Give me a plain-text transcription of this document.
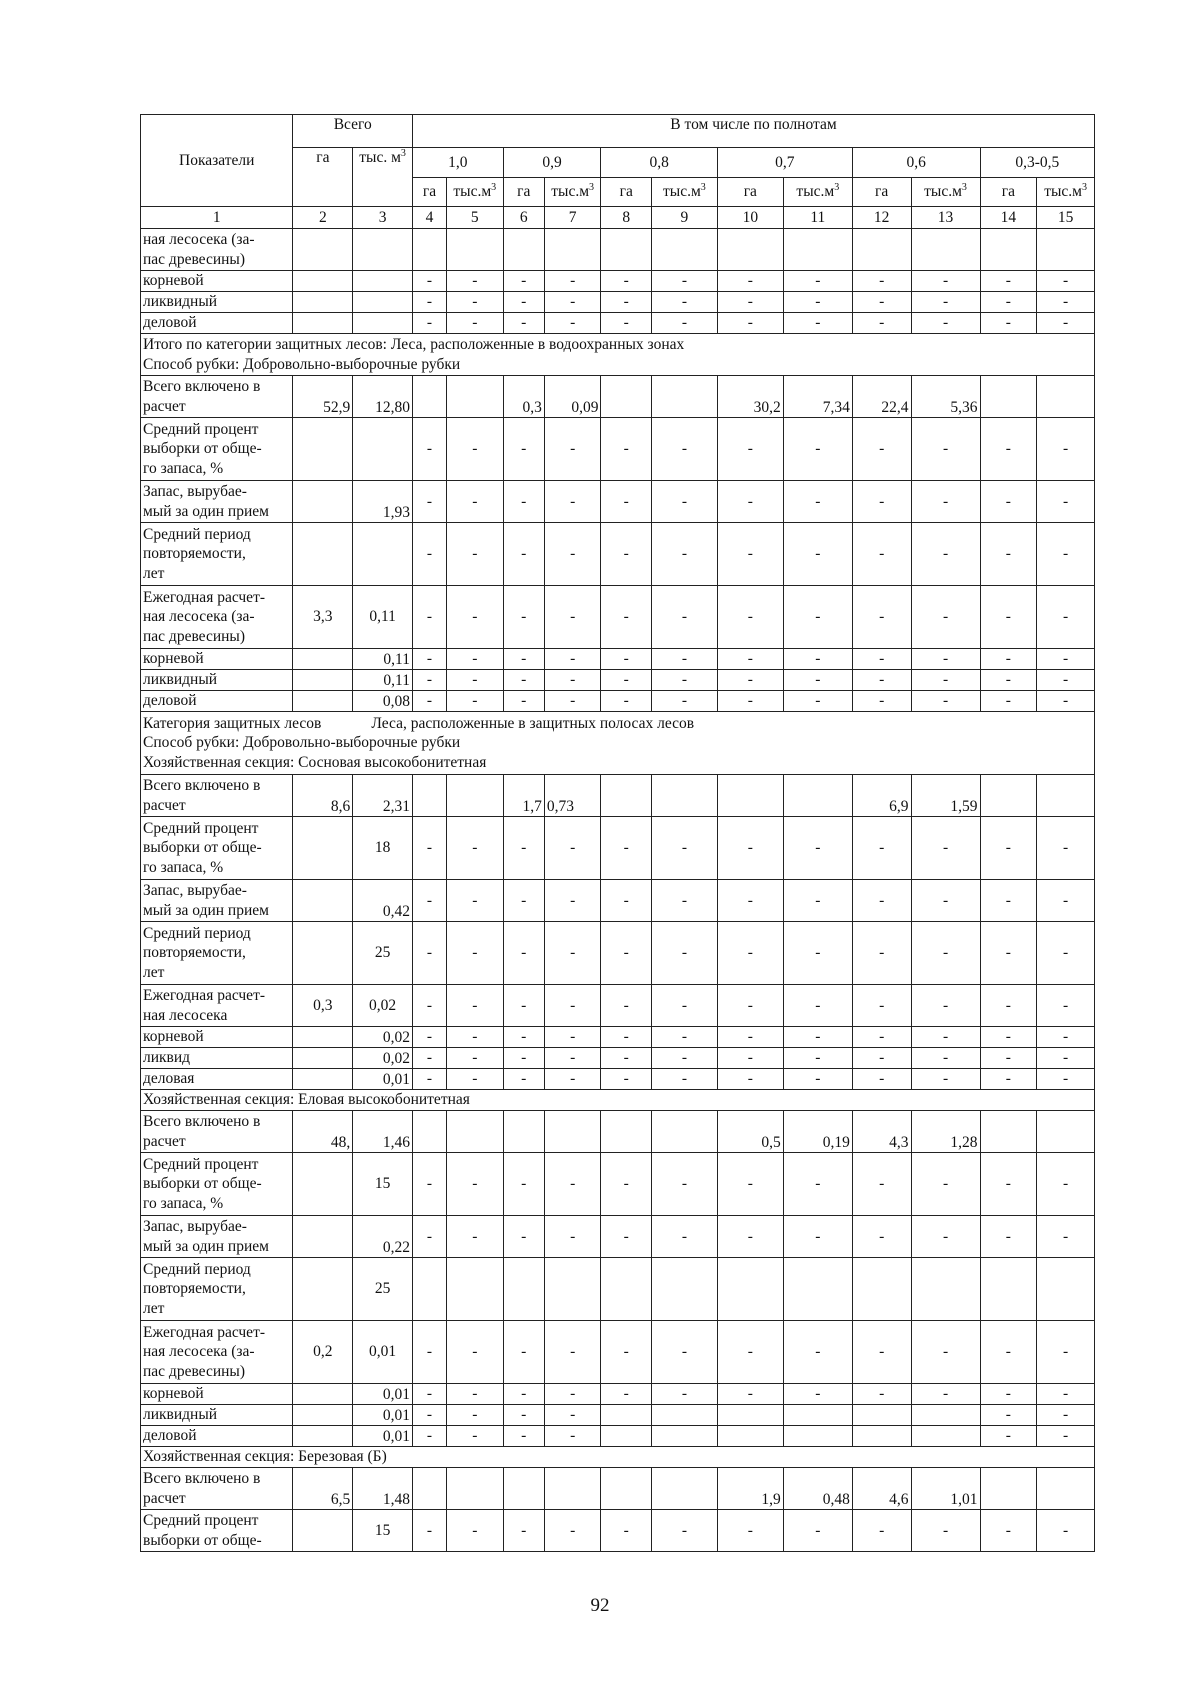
Показатели	Всего		В том числе по полнотам											
	га	тыс. $м^3$	1,0		0,9		0,8		0,7		0,6		0,3-0,5	
			га	$тыс.м^3$	га	$тыс.м^3$	га	$тыс.м^3$	га	$тыс.м^3$	га	$тыс.м^3$	га	$тыс.м^3$
1	2	3	4	5	6	7	8	9	10	11	12	13	14	15
ная лесосека (за-
пас древесины)														
корневой			-	-	-	-	-	-	-	-	-	-	-	-
ликвидный			-	-	-	-	-	-	-	-	-	-	-	-
деловой			-	-	-	-	-	-	-	-	-	-	-	-
Итого по категории защитных лесов: Леса, расположенные в водоохранных зонах
Способ рубки: Добровольно-выборочные рубки														
Всего включено в
расчет	52,9	12,80			0,3	0,09			30,2	7,34	22,4	5,36		
Средний процент
выборки от обще-
го запаса, %			-	-	-	-	-	-	-	-	-	-	-	-
Запас, вырубае-
мый за один прием		1,93	-	-	-	-	-	-	-	-	-	-	-	-
Средний период
повторяемости,
лет			-	-	-	-	-	-	-	-	-	-	-	-
Ежегодная расчет-
ная лесосека (за-
пас древесины)	3,3	0,11	-	-	-	-	-	-	-	-	-	-	-	-
корневой		0,11	-	-	-	-	-	-	-	-	-	-	-	-
ликвидный		0,11	-	-	-	-	-	-	-	-	-	-	-	-
деловой		0,08	-	-	-	-	-	-	-	-	-	-	-	-
Категория защитных лесов Леса, расположенные в защитных полосах лесов
Способ рубки: Добровольно-выборочные рубки
Хозяйственная секция: Сосновая высокобонитетная														
Всего включено в
расчет	8,6	2,31			1,7	0,73					6,9	1,59		
Средний процент
выборки от обще-
го запаса, %		18	-	-	-	-	-	-	-	-	-	-	-	-
Запас, вырубае-
мый за один прием		0,42	-	-	-	-	-	-	-	-	-	-	-	-
Средний период
повторяемости,
лет		25	-	-	-	-	-	-	-	-	-	-	-	-
Ежегодная расчет-
ная лесосека	0,3	0,02	-	-	-	-	-	-	-	-	-	-	-	-
корневой		0,02	-	-	-	-	-	-	-	-	-	-	-	-
ликвид		0,02	-	-	-	-	-	-	-	-	-	-	-	-
деловая		0,01	-	-	-	-	-	-	-	-	-	-	-	-
Хозяйственная секция: Еловая высокобонитетная														
Всего включено в
расчет	48,	1,46							0,5	0,19	4,3	1,28		
Средний процент
выборки от обще-
го запаса, %		15	-	-	-	-	-	-	-	-	-	-	-	-
Запас, вырубае-
мый за один прием		0,22	-	-	-	-	-	-	-	-	-	-	-	-
Средний период
повторяемости,
лет		25												
Ежегодная расчет-
ная лесосека (за-
пас древесины)	0,2	0,01	-	-	-	-	-	-	-	-	-	-	-	-
корневой		0,01	-	-	-	-	-	-	-	-	-	-	-	-
ликвидный		0,01	-	-	-	-							-	-
деловой		0,01	-	-	-	-							-	-
Хозяйственная секция: Березовая (Б)														
Всего включено в
расчет	6,5	1,48							1,9	0,48	4,6	1,01		
Средний процент
выборки от обще-		15	-	-	-	-	-	-	-	-	-	-	-	-
92
